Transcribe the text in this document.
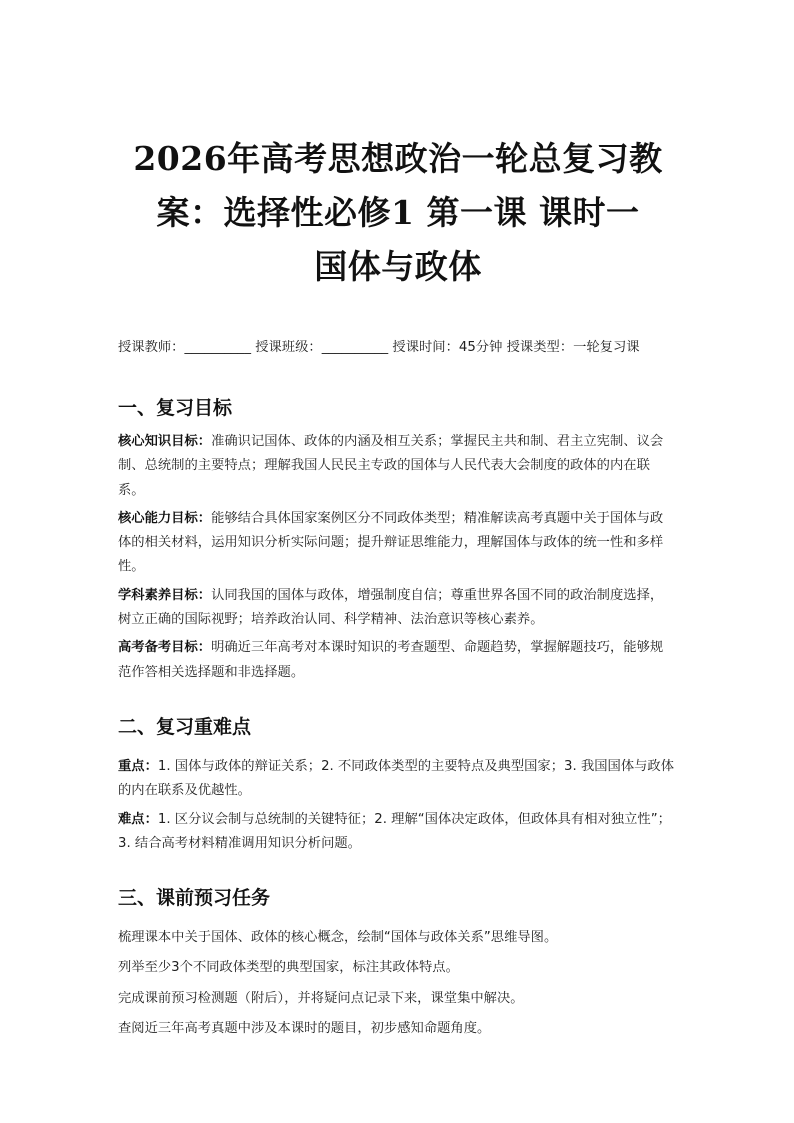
2026年高考思想政治一轮总复习教
案：选择性必修1 第一课 课时一
国体与政体
授课教师：__________ 授课班级：__________ 授课时间：45分钟 授课类型：一轮复习课
一、复习目标

核心知识目标：准确识记国体、政体的内涵及相互关系；掌握民主共和制、君主立宪制、议会制、总统制的主要特点；理解我国人民民主专政的国体与人民代表大会制度的政体的内在联系。

核心能力目标：能够结合具体国家案例区分不同政体类型；精准解读高考真题中关于国体与政体的相关材料，运用知识分析实际问题；提升辩证思维能力，理解国体与政体的统一性和多样性。

学科素养目标：认同我国的国体与政体，增强制度自信；尊重世界各国不同的政治制度选择，树立正确的国际视野；培养政治认同、科学精神、法治意识等核心素养。

高考备考目标：明确近三年高考对本课时知识的考查题型、命题趋势，掌握解题技巧，能够规范作答相关选择题和非选择题。

二、复习重难点

重点：1. 国体与政体的辩证关系；2. 不同政体类型的主要特点及典型国家；3. 我国国体与政体的内在联系及优越性。

难点：1. 区分议会制与总统制的关键特征；2. 理解“国体决定政体，但政体具有相对独立性”；3. 结合高考材料精准调用知识分析问题。

三、课前预习任务

梳理课本中关于国体、政体的核心概念，绘制“国体与政体关系”思维导图。

列举至少3个不同政体类型的典型国家，标注其政体特点。

完成课前预习检测题（附后），并将疑问点记录下来，课堂集中解决。

查阅近三年高考真题中涉及本课时的题目，初步感知命题角度。
